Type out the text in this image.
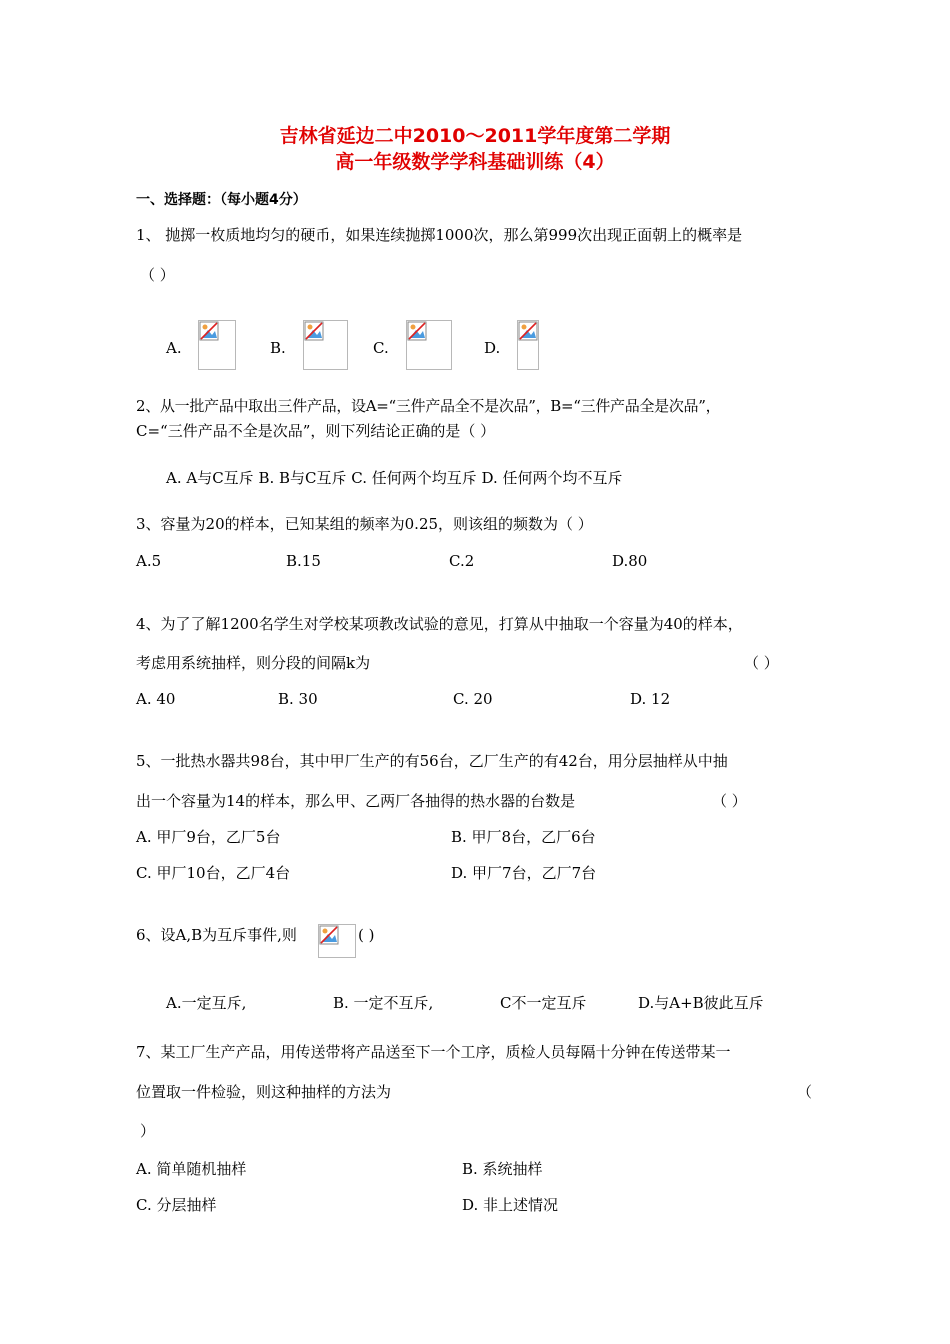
吉林省延边二中2010～2011学年度第二学期
高一年级数学学科基础训练（4）
一、选择题：（每小题4分）
1、 抛掷一枚质地均匀的硬币，如果连续抛掷1000次，那么第999次出现正面朝上的概率是
（ ）
A.	B.	C.	D.
2、从一批产品中取出三件产品，设A=“三件产品全不是次品”，B=“三件产品全是次品”，
C=“三件产品不全是次品”，则下列结论正确的是（ ）
A. A与C互斥 B. B与C互斥 C. 任何两个均互斥 D. 任何两个均不互斥
3、容量为20的样本，已知某组的频率为0.25，则该组的频数为（ ）
A.5	B.15	C.2	D.80
4、为了了解1200名学生对学校某项教改试验的意见，打算从中抽取一个容量为40的样本，
考虑用系统抽样，则分段的间隔k为	（ ）
A. 40	B. 30	C. 20	D. 12
5、一批热水器共98台，其中甲厂生产的有56台，乙厂生产的有42台，用分层抽样从中抽
出一个容量为14的样本，那么甲、乙两厂各抽得的热水器的台数是	（ ）
A. 甲厂9台，乙厂5台	B. 甲厂8台，乙厂6台
C. 甲厂10台，乙厂4台	D. 甲厂7台，乙厂7台
6、设A,B为互斥事件,则	( )
A.一定互斥,	B. 一定不互斥,	C不一定互斥	D.与A+B彼此互斥
7、某工厂生产产品，用传送带将产品送至下一个工序，质检人员每隔十分钟在传送带某一
位置取一件检验，则这种抽样的方法为	（
）
A. 简单随机抽样	B. 系统抽样
C. 分层抽样	D. 非上述情况
